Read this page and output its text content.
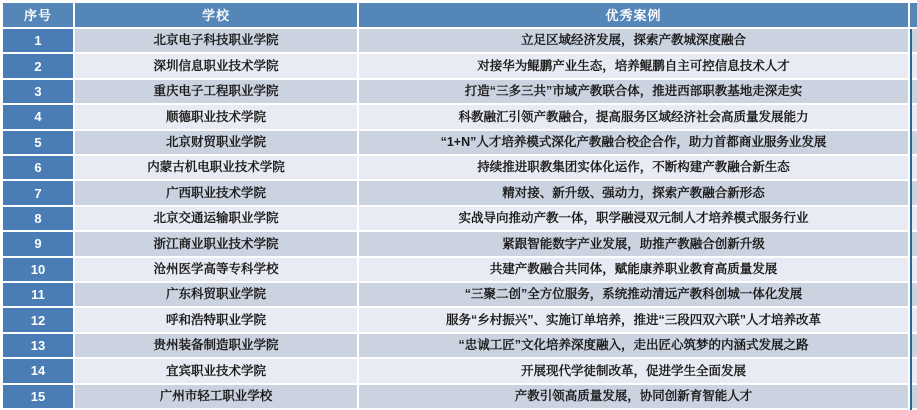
序号	学校	优秀案例
1	北京电子科技职业学院	立足区域经济发展，探索产教城深度融合
2	深圳信息职业技术学院	对接华为鲲鹏产业生态，培养鲲鹏自主可控信息技术人才
3	重庆电子工程职业学院	打造“三多三共”市域产教联合体，推进西部职教基地走深走实
4	顺德职业技术学院	科教融汇引领产教融合，提高服务区域经济社会高质量发展能力
5	北京财贸职业学院	“1+N”人才培养模式深化产教融合校企合作，助力首都商业服务业发展
6	内蒙古机电职业技术学院	持续推进职教集团实体化运作，不断构建产教融合新生态
7	广西职业技术学院	精对接、新升级、强动力，探索产教融合新形态
8	北京交通运输职业学院	实战导向推动产教一体，职学融浸双元制人才培养模式服务行业
9	浙江商业职业技术学院	紧跟智能数字产业发展，助推产教融合创新升级
10	沧州医学高等专科学校	共建产教融合共同体，赋能康养职业教育高质量发展
11	广东科贸职业学院	“三聚二创”全方位服务，系统推动清远产教科创城一体化发展
12	呼和浩特职业学院	服务“乡村振兴”、实施订单培养，推进“三段四双六联”人才培养改革
13	贵州装备制造职业学院	“忠诚工匠”文化培养深度融入，走出匠心筑梦的内涵式发展之路
14	宜宾职业技术学院	开展现代学徒制改革，促进学生全面发展
15	广州市轻工职业学校	产教引领高质量发展，协同创新育智能人才
